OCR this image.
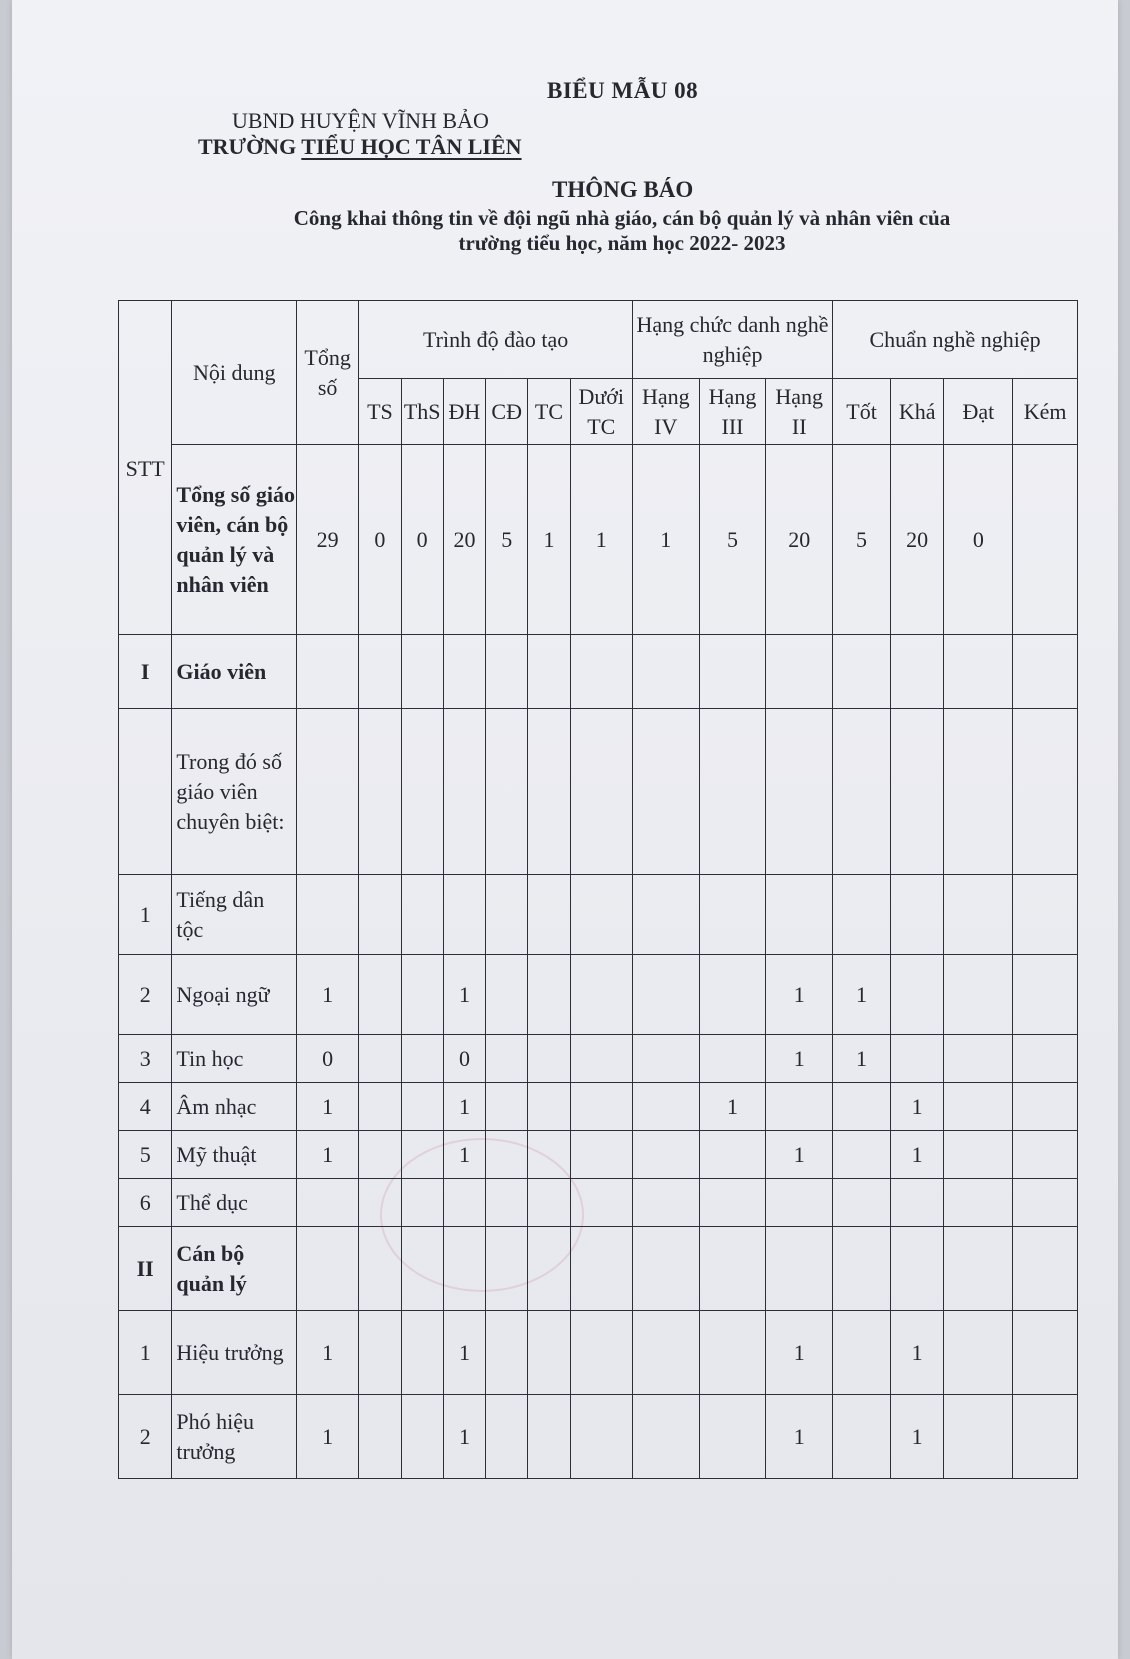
BIỂU MẪU 08
UBND HUYỆN VĨNH BẢO
TRƯỜNG TIỂU HỌC TÂN LIÊN
THÔNG BÁO
Công khai thông tin về đội ngũ nhà giáo, cán bộ quản lý và nhân viên của
trường tiểu học, năm học 2022- 2023
STT	Nội dung	Tổng số	Trình độ đào tạo						Hạng chức danh nghề nghiệp			Chuẩn nghề nghiệp			
			TS	ThS	ĐH	CĐ	TC	Dưới TC	Hạng IV	Hạng III	Hạng II	Tốt	Khá	Đạt	Kém
	Tổng số giáo viên, cán bộ quản lý và nhân viên	29	0	0	20	5	1	1	1	5	20	5	20	0	
I	Giáo viên														
	Trong đó số giáo viên chuyên biệt:														
1	Tiếng dân tộc														
2	Ngoại ngữ	1			1						1	1			
3	Tin học	0			0						1	1			
4	Âm nhạc	1			1					1			1		
5	Mỹ thuật	1			1						1		1		
6	Thể dục														
II	Cán bộ quản lý														
1	Hiệu trưởng	1			1						1		1		
2	Phó hiệu trưởng	1			1						1		1		
